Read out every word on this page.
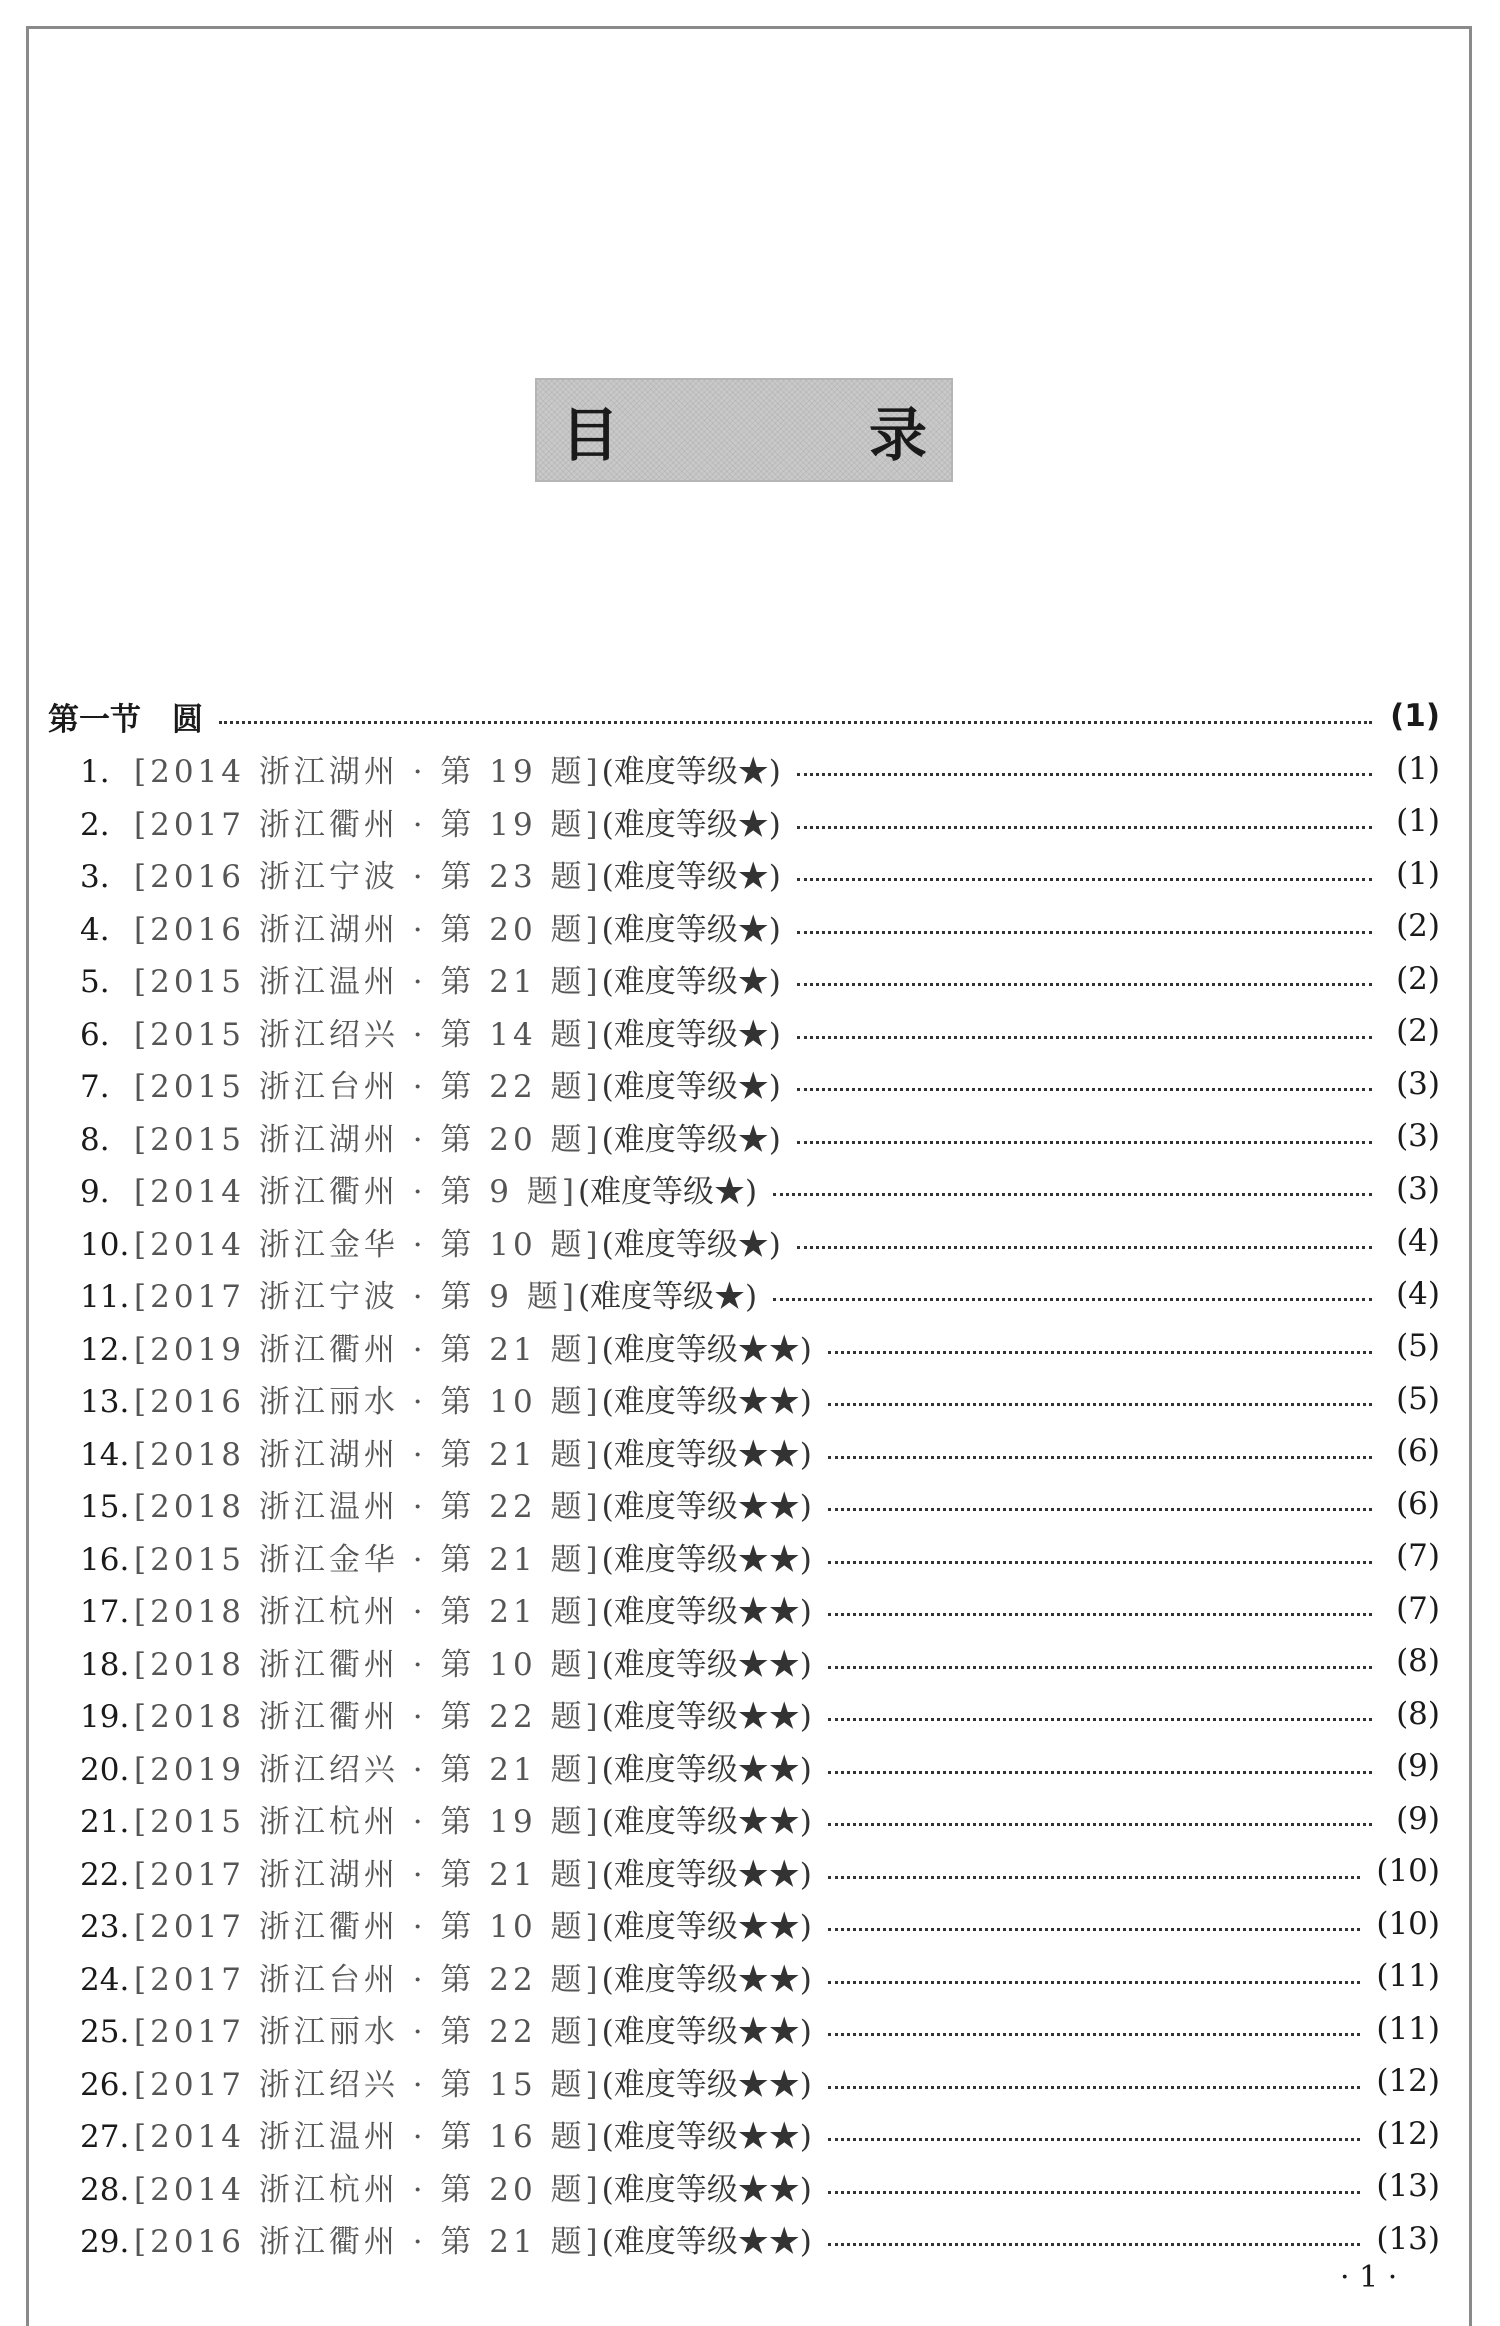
目　录
第一节　圆	(1)
1. [2014 浙江湖州 · 第 19 题](难度等级★)	(1)
2. [2017 浙江衢州 · 第 19 题](难度等级★)	(1)
3. [2016 浙江宁波 · 第 23 题](难度等级★)	(1)
4. [2016 浙江湖州 · 第 20 题](难度等级★)	(2)
5. [2015 浙江温州 · 第 21 题](难度等级★)	(2)
6. [2015 浙江绍兴 · 第 14 题](难度等级★)	(2)
7. [2015 浙江台州 · 第 22 题](难度等级★)	(3)
8. [2015 浙江湖州 · 第 20 题](难度等级★)	(3)
9. [2014 浙江衢州 · 第 9 题](难度等级★)	(3)
10. [2014 浙江金华 · 第 10 题](难度等级★)	(4)
11. [2017 浙江宁波 · 第 9 题](难度等级★)	(4)
12. [2019 浙江衢州 · 第 21 题](难度等级★★)	(5)
13. [2016 浙江丽水 · 第 10 题](难度等级★★)	(5)
14. [2018 浙江湖州 · 第 21 题](难度等级★★)	(6)
15. [2018 浙江温州 · 第 22 题](难度等级★★)	(6)
16. [2015 浙江金华 · 第 21 题](难度等级★★)	(7)
17. [2018 浙江杭州 · 第 21 题](难度等级★★)	(7)
18. [2018 浙江衢州 · 第 10 题](难度等级★★)	(8)
19. [2018 浙江衢州 · 第 22 题](难度等级★★)	(8)
20. [2019 浙江绍兴 · 第 21 题](难度等级★★)	(9)
21. [2015 浙江杭州 · 第 19 题](难度等级★★)	(9)
22. [2017 浙江湖州 · 第 21 题](难度等级★★)	(10)
23. [2017 浙江衢州 · 第 10 题](难度等级★★)	(10)
24. [2017 浙江台州 · 第 22 题](难度等级★★)	(11)
25. [2017 浙江丽水 · 第 22 题](难度等级★★)	(11)
26. [2017 浙江绍兴 · 第 15 题](难度等级★★)	(12)
27. [2014 浙江温州 · 第 16 题](难度等级★★)	(12)
28. [2014 浙江杭州 · 第 20 题](难度等级★★)	(13)
29. [2016 浙江衢州 · 第 21 题](难度等级★★)	(13)
· 1 ·
